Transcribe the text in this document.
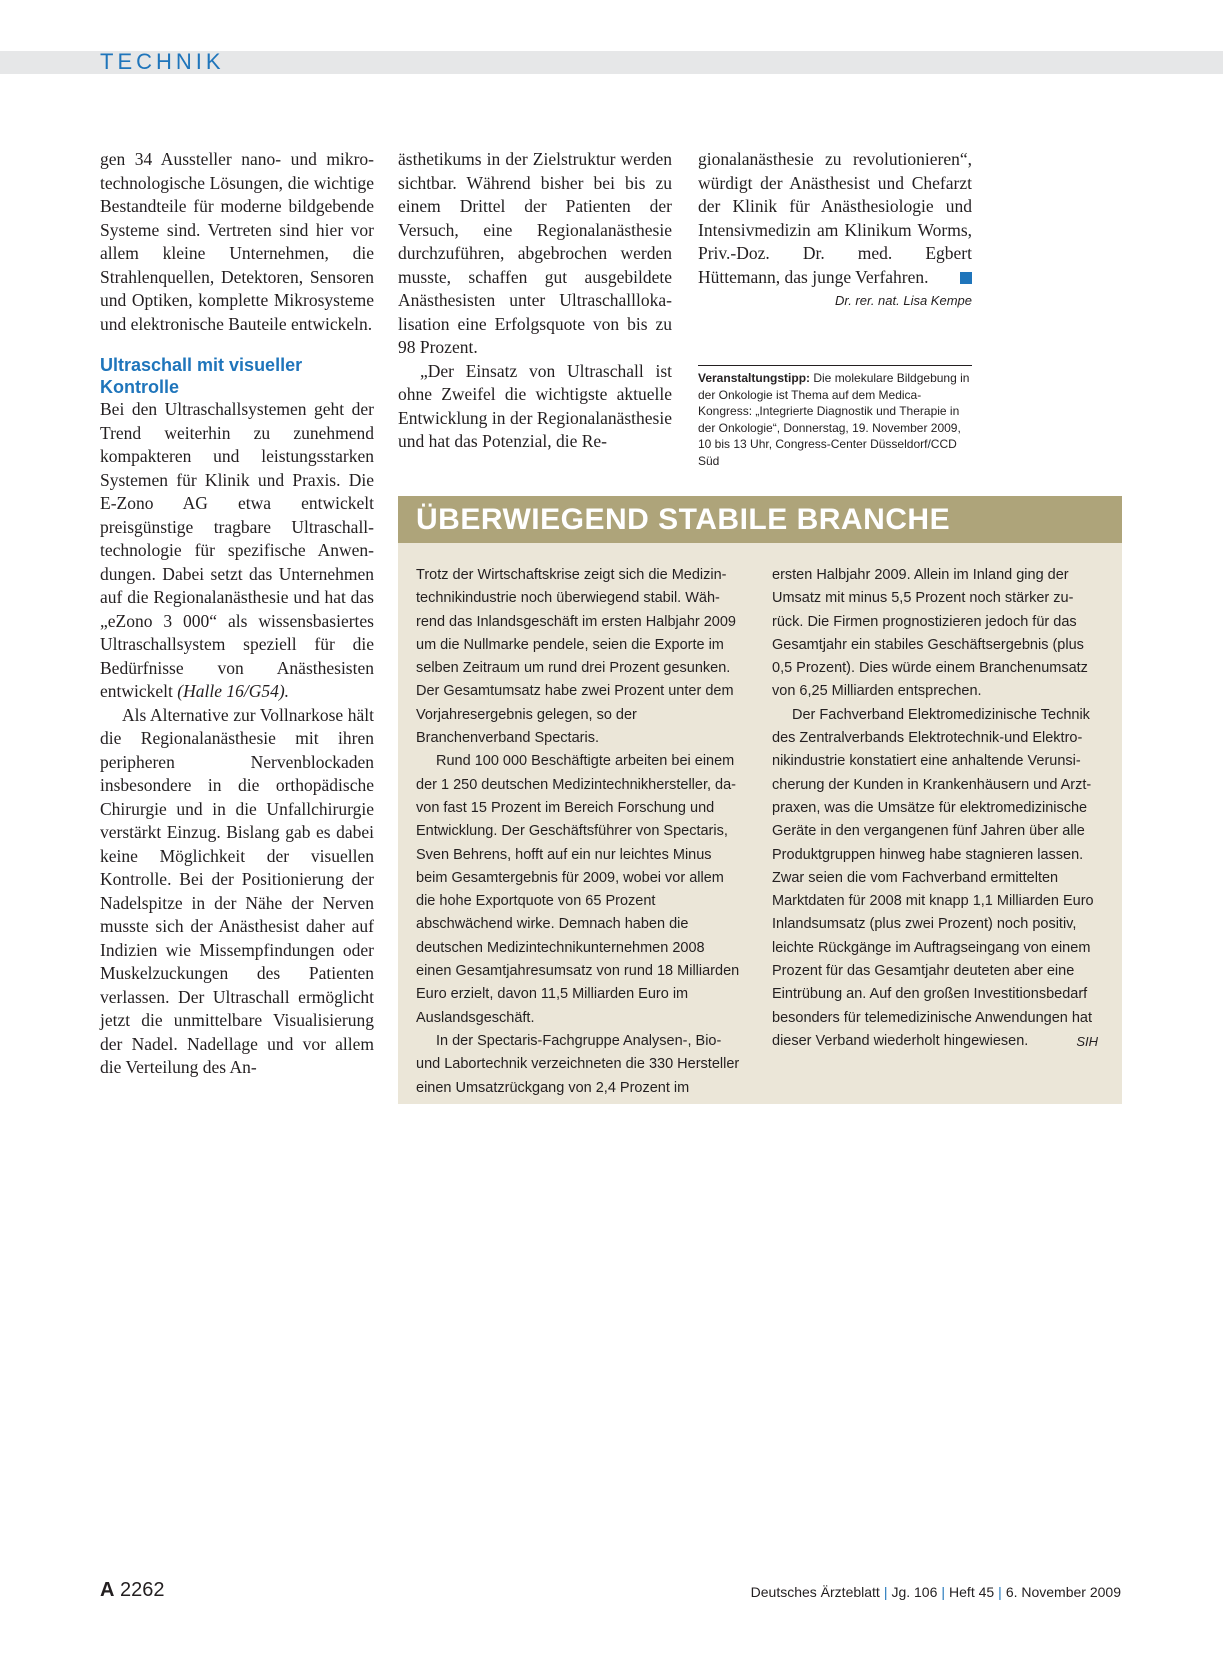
TECHNIK

gen 34 Aussteller nano- und mikrotechnologische Lösungen, die wichtige Bestandteile für moderne bildgebende Systeme sind. Vertreten sind hier vor allem kleine Unternehmen, die Strahlenquellen, Detektoren, Sensoren und Optiken, komplette Mikrosysteme und elektronische Bauteile entwickeln.

Ultraschall mit visueller Kontrolle

Bei den Ultraschallsystemen geht der Trend weiterhin zu zunehmend kompakteren und leistungsstarken Systemen für Klinik und Praxis. Die E-Zono AG etwa entwickelt preisgünstige tragbare Ultraschalltechnologie für spezifische Anwendungen. Dabei setzt das Unternehmen auf die Regionalanästhesie und hat das „eZono 3 000“ als wissensbasiertes Ultraschallsystem speziell für die Bedürfnisse von Anästhesisten entwickelt (Halle 16/G54).

Als Alternative zur Vollnarkose hält die Regionalanästhesie mit ihren peripheren Nervenblockaden insbesondere in die orthopädische Chirurgie und in die Unfallchirurgie verstärkt Einzug. Bislang gab es dabei keine Möglichkeit der visuellen Kontrolle. Bei der Positionierung der Nadelspitze in der Nähe der Nerven musste sich der Anästhesist daher auf Indizien wie Missempfindungen oder Muskelzuckungen des Patienten verlassen. Der Ultraschall ermöglicht jetzt die unmittelbare Visualisierung der Nadel. Nadellage und vor allem die Verteilung des An-

ästhetikums in der Zielstruktur werden sichtbar. Während bisher bei bis zu einem Drittel der Patienten der Versuch, eine Regionalanästhesie durchzuführen, abgebrochen werden musste, schaffen gut ausgebildete Anästhesisten unter Ultraschalllokalisation eine Erfolgsquote von bis zu 98 Prozent.

„Der Einsatz von Ultraschall ist ohne Zweifel die wichtigste aktuelle Entwicklung in der Regionalanästhesie und hat das Potenzial, die Re-

gionalanästhesie zu revolutionieren“, würdigt der Anästhesist und Chefarzt der Klinik für Anästhesiologie und Intensivmedizin am Klinikum Worms, Priv.-Doz. Dr. med. Egbert Hüttemann, das junge Verfahren.

Dr. rer. nat. Lisa Kempe
Veranstaltungstipp: Die molekulare Bildgebung in der Onkologie ist Thema auf dem Medica-Kongress: „Integrierte Diagnostik und Therapie in der Onkologie“, Donnerstag, 19. November 2009, 10 bis 13 Uhr, Congress-Center Düsseldorf/CCD Süd
ÜBERWIEGEND STABILE BRANCHE

Trotz der Wirtschaftskrise zeigt sich die Medizintechnikindustrie noch überwiegend stabil. Während das Inlandsgeschäft im ersten Halbjahr 2009 um die Nullmarke pendele, seien die Exporte im selben Zeitraum um rund drei Prozent gesunken. Der Gesamtumsatz habe zwei Prozent unter dem Vorjahresergebnis gelegen, so der Branchenverband Spectaris.

Rund 100 000 Beschäftigte arbeiten bei einem der 1 250 deutschen Medizintechnikhersteller, davon fast 15 Prozent im Bereich Forschung und Entwicklung. Der Geschäftsführer von Spectaris, Sven Behrens, hofft auf ein nur leichtes Minus beim Gesamtergebnis für 2009, wobei vor allem die hohe Exportquote von 65 Prozent abschwächend wirke. Demnach haben die deutschen Medizintechnikunternehmen 2008 einen Gesamtjahresumsatz von rund 18 Milliarden Euro erzielt, davon 11,5 Milliarden Euro im Auslandsgeschäft.

In der Spectaris-Fachgruppe Analysen-, Bio- und Labortechnik verzeichneten die 330 Hersteller einen Umsatzrückgang von 2,4 Prozent im

ersten Halbjahr 2009. Allein im Inland ging der Umsatz mit minus 5,5 Prozent noch stärker zurück. Die Firmen prognostizieren jedoch für das Gesamtjahr ein stabiles Geschäftsergebnis (plus 0,5 Prozent). Dies würde einem Branchenumsatz von 6,25 Milliarden entsprechen.

Der Fachverband Elektromedizinische Technik des Zentralverbands Elektrotechnik-und Elektronikindustrie konstatiert eine anhaltende Verunsicherung der Kunden in Krankenhäusern und Arztpraxen, was die Umsätze für elektromedizinische Geräte in den vergangenen fünf Jahren über alle Produktgruppen hinweg habe stagnieren lassen. Zwar seien die vom Fachverband ermittelten Marktdaten für 2008 mit knapp 1,1 Milliarden Euro Inlandsumsatz (plus zwei Prozent) noch positiv, leichte Rückgänge im Auftragseingang von einem Prozent für das Gesamtjahr deuteten aber eine Eintrübung an. Auf den großen Investitionsbedarf besonders für telemedizinische Anwendungen hat dieser Verband wiederholt hingewiesen.	SIH

A 2262	Deutsches Ärzteblatt | Jg. 106 | Heft 45 | 6. November 2009
